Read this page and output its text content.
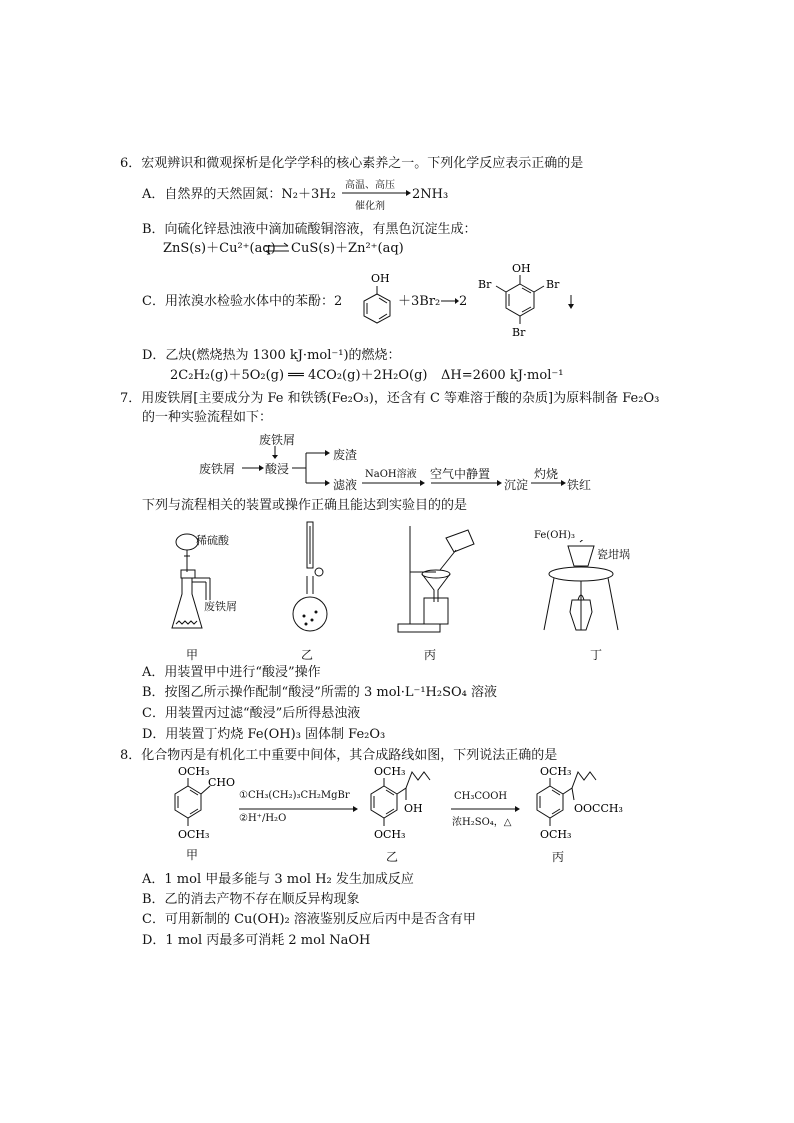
6．宏观辨识和微观探析是化学学科的核心素养之一。下列化学反应表示正确的是
A．自然界的天然固氮：N₂＋3H₂
高温、高压
催化剂
2NH₃
B．向硫化锌悬浊液中滴加硫酸铜溶液，有黑色沉淀生成：
ZnS(s)＋Cu²⁺(aq) CuS(s)＋Zn²⁺(aq)
C．用浓溴水检验水体中的苯酚：2
OH
＋3Br₂ 2
OH
Br	Br
Br
D．乙炔(燃烧热为 1300 kJ·mol⁻¹)的燃烧：
2C₂H₂(g)＋5O₂(g) ══ 4CO₂(g)＋2H₂O(g) ΔH=2600 kJ·mol⁻¹
7．用废铁屑[主要成分为 Fe 和铁锈(Fe₂O₃)，还含有 C 等难溶于酸的杂质]为原料制备 Fe₂O₃
的一种实验流程如下：
废铁屑
废铁屑 酸浸
废渣
滤液
NaOH溶液 空气中静置
沉淀
灼烧
铁红
下列与流程相关的装置或操作正确且能达到实验目的的是
稀硫酸
废铁屑
Fe(OH)₃
瓷坩埚
甲	乙	丙	丁
A．用装置甲中进行“酸浸”操作
B．按图乙所示操作配制“酸浸”所需的 3 mol·L⁻¹H₂SO₄ 溶液
C．用装置丙过滤“酸浸”后所得悬浊液
D．用装置丁灼烧 Fe(OH)₃ 固体制 Fe₂O₃
8．化合物丙是有机化工中重要中间体，其合成路线如图，下列说法正确的是
OCH₃
CHO
OCH₃
甲
①CH₃(CH₂)₃CH₂MgBr
②H⁺/H₂O
OCH₃
OH
OCH₃
乙
CH₃COOH
浓H₂SO₄，△
OCH₃
OOCCH₃
OCH₃
丙
A．1 mol 甲最多能与 3 mol H₂ 发生加成反应
B．乙的消去产物不存在顺反异构现象
C．可用新制的 Cu(OH)₂ 溶液鉴别反应后丙中是否含有甲
D．1 mol 丙最多可消耗 2 mol NaOH
